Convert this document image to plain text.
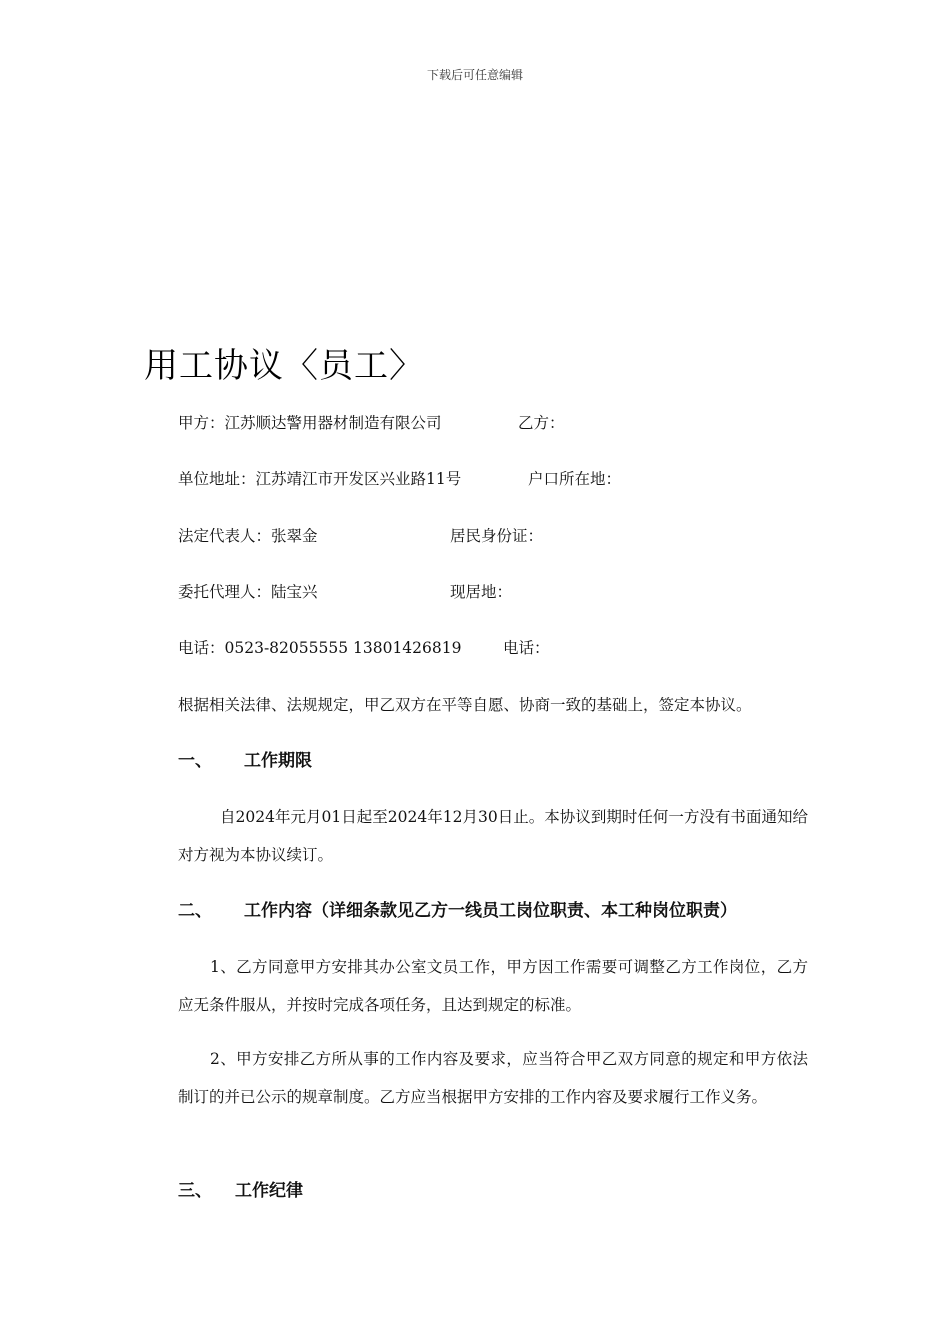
下载后可任意编辑
用工协议〈员工〉
甲方：江苏顺达警用器材制造有限公司	乙方：
单位地址：江苏靖江市开发区兴业路11号	户口所在地：
法定代表人：张翠金	居民身份证：
委托代理人：陆宝兴	现居地：
电话：0523-82055555 13801426819	电话：
根据相关法律、法规规定，甲乙双方在平等自愿、协商一致的基础上，签定本协议。
一、 工作期限

自2024年元月01日起至2024年12月30日止。本协议到期时任何一方没有书面通知给对方视为本协议续订。

二、 工作内容（详细条款见乙方一线员工岗位职责、本工种岗位职责）

1、乙方同意甲方安排其办公室文员工作，甲方因工作需要可调整乙方工作岗位，乙方应无条件服从，并按时完成各项任务，且达到规定的标准。

2、甲方安排乙方所从事的工作内容及要求，应当符合甲乙双方同意的规定和甲方依法制订的并已公示的规章制度。乙方应当根据甲方安排的工作内容及要求履行工作义务。

三、 工作纪律
